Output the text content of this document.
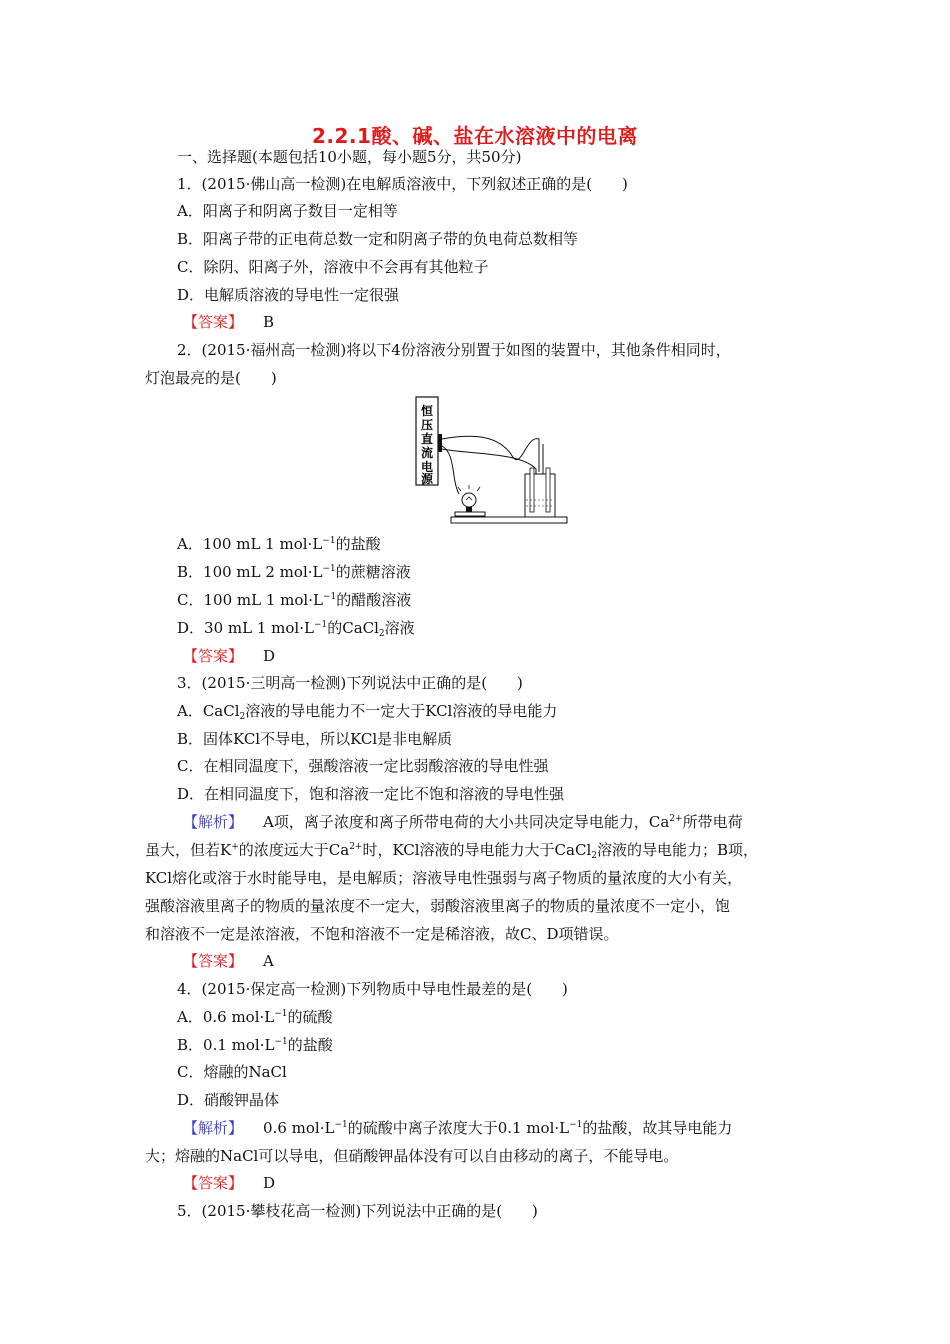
2.2.1酸、碱、盐在水溶液中的电离
一、选择题(本题包括10小题，每小题5分，共50分)
1．(2015·佛山高一检测)在电解质溶液中，下列叙述正确的是(　　)
A．阳离子和阴离子数目一定相等
B．阳离子带的正电荷总数一定和阴离子带的负电荷总数相等
C．除阴、阳离子外，溶液中不会再有其他粒子
D．电解质溶液的导电性一定很强
【答案】 B
2．(2015·福州高一检测)将以下4份溶液分别置于如图的装置中，其他条件相同时，
灯泡最亮的是(　　)
恒
压
直
流
电
源
A．100 mL 1 $mol\cdot L^{-1}$的盐酸
B．100 mL 2 $mol\cdot L^{-1}$的蔗糖溶液
C．100 mL 1 $mol\cdot L^{-1}$的醋酸溶液
D．30 mL 1 $mol\cdot L^{-1}$的CaCl$_2$溶液
【答案】 D
3．(2015·三明高一检测)下列说法中正确的是(　　)
A．CaCl$_2$溶液的导电能力不一定大于KCl溶液的导电能力
B．固体KCl不导电，所以KCl是非电解质
C．在相同温度下，强酸溶液一定比弱酸溶液的导电性强
D．在相同温度下，饱和溶液一定比不饱和溶液的导电性强
【解析】 A项，离子浓度和离子所带电荷的大小共同决定导电能力，$Ca^{2+}$所带电荷
虽大，但若K+的浓度远大于$Ca^{2+}$时，KCl溶液的导电能力大于CaCl$_2$溶液的导电能力；B项，
KCl熔化或溶于水时能导电，是电解质；溶液导电性强弱与离子物质的量浓度的大小有关，
强酸溶液里离子的物质的量浓度不一定大，弱酸溶液里离子的物质的量浓度不一定小，饱
和溶液不一定是浓溶液，不饱和溶液不一定是稀溶液，故C、D项错误。
【答案】 A
4．(2015·保定高一检测)下列物质中导电性最差的是(　　)
A．0.6 $mol\cdot L^{-1}$的硫酸
B．0.1 $mol\cdot L^{-1}$的盐酸
C．熔融的NaCl
D．硝酸钾晶体
【解析】 0.6 $mol\cdot L^{-1}$的硫酸中离子浓度大于0.1 $mol\cdot L^{-1}$的盐酸，故其导电能力
大；熔融的NaCl可以导电，但硝酸钾晶体没有可以自由移动的离子，不能导电。
【答案】 D
5．(2015·攀枝花高一检测)下列说法中正确的是(　　)
